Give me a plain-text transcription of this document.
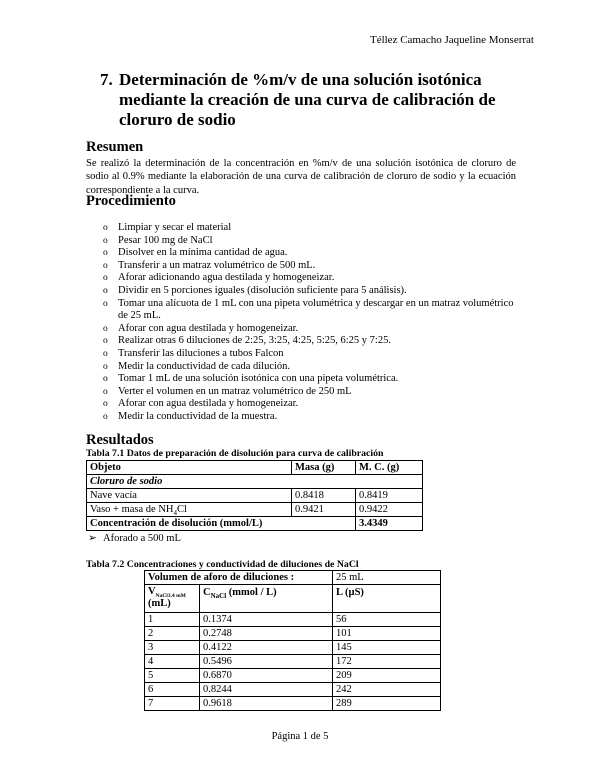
Téllez Camacho Jaqueline Monserrat
7. Determinación de %m/v de una solución isotónica mediante la creación de una curva de calibración de cloruro de sodio
Resumen
Se realizó la determinación de la concentración en %m/v de una solución isotónica de cloruro de sodio al 0.9% mediante la elaboración de una curva de calibración de cloruro de sodio y la ecuación correspondiente a la curva.
Procedimiento
o Limpiar y secar el material
o Pesar 100 mg de NaCl
o Disolver en la mínima cantidad de agua.
o Transferir a un matraz volumétrico de 500 mL.
o Aforar adicionando agua destilada y homogeneizar.
o Dividir en 5 porciones iguales (disolución suficiente para 5 análisis).
o Tomar una alícuota de 1 mL con una pipeta volumétrica y descargar en un matraz volumétrico de 25 mL.
o Aforar con agua destilada y homogeneizar.
o Realizar otras 6 diluciones de 2:25, 3:25, 4:25, 5:25, 6:25 y 7:25.
o Transferir las diluciones a tubos Falcon
o Medir la conductividad de cada dilución.
o Tomar 1 mL de una solución isotónica con una pipeta volumétrica.
o Verter el volumen en un matraz volumétrico de 250 mL
o Aforar con agua destilada y homogeneizar.
o Medir la conductividad de la muestra.
Resultados
Tabla 7.1 Datos de preparación de disolución para curva de calibración
Objeto	Masa (g)	M. C. (g)
Cloruro de sodio		
Nave vacía	0.8418	0.8419
Vaso + masa de $NH_4Cl$	0.9421	0.9422
Concentración de disolución (mmol/L)		3.4349
➢ Aforado a 500 mL
Tabla 7.2 Concentraciones y conductividad de diluciones de NaCl
Volumen de aforo de diluciones :		25 mL
$V_{NaCl3.4 mM}$ (mL)	$C_{NaCl}$ (mmol / L)	L (µS)
1	0.1374	56
2	0.2748	101
3	0.4122	145
4	0.5496	172
5	0.6870	209
6	0.8244	242
7	0.9618	289
Página 1 de 5
